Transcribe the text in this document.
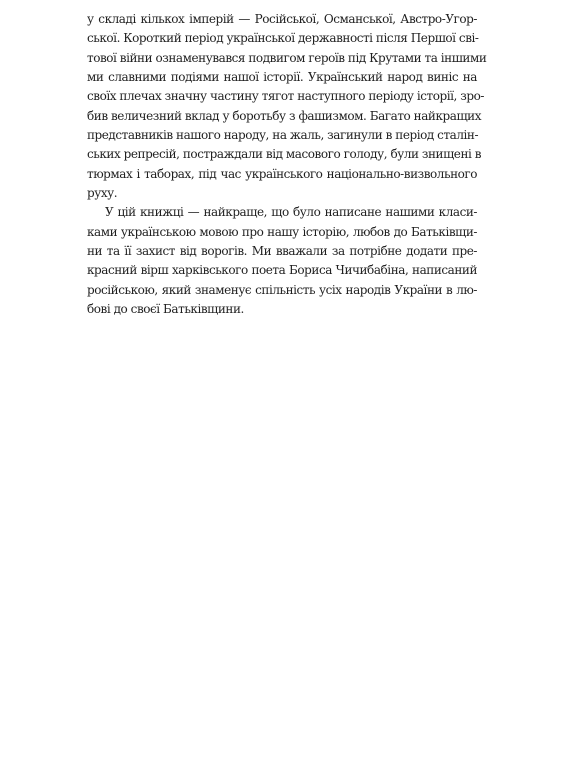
у складі кількох імперій — Російської, Османської, Австро-Угор-
ської. Короткий період української державності після Першої сві-
тової війни ознаменувався подвигом героїв під Крутами та іншими
ми славними подіями нашої історії. Український народ виніс на
своїх плечах значну частину тягот наступного періоду історії, зро-
бив величезний вклад у боротьбу з фашизмом. Багато найкращих
представників нашого народу, на жаль, загинули в період сталін-
ських репресій, постраждали від масового голоду, були знищені в
тюрмах і таборах, під час українського національно-визвольного
руху.
У цій книжці — найкраще, що було написане нашими класи-
ками українською мовою про нашу історію, любов до Батьківщи-
ни та її захист від ворогів. Ми вважали за потрібне додати пре-
красний вірш харківського поета Бориса Чичибабіна, написаний
російською, який знаменує спільність усіх народів України в лю-
бові до своєї Батьківщини.
